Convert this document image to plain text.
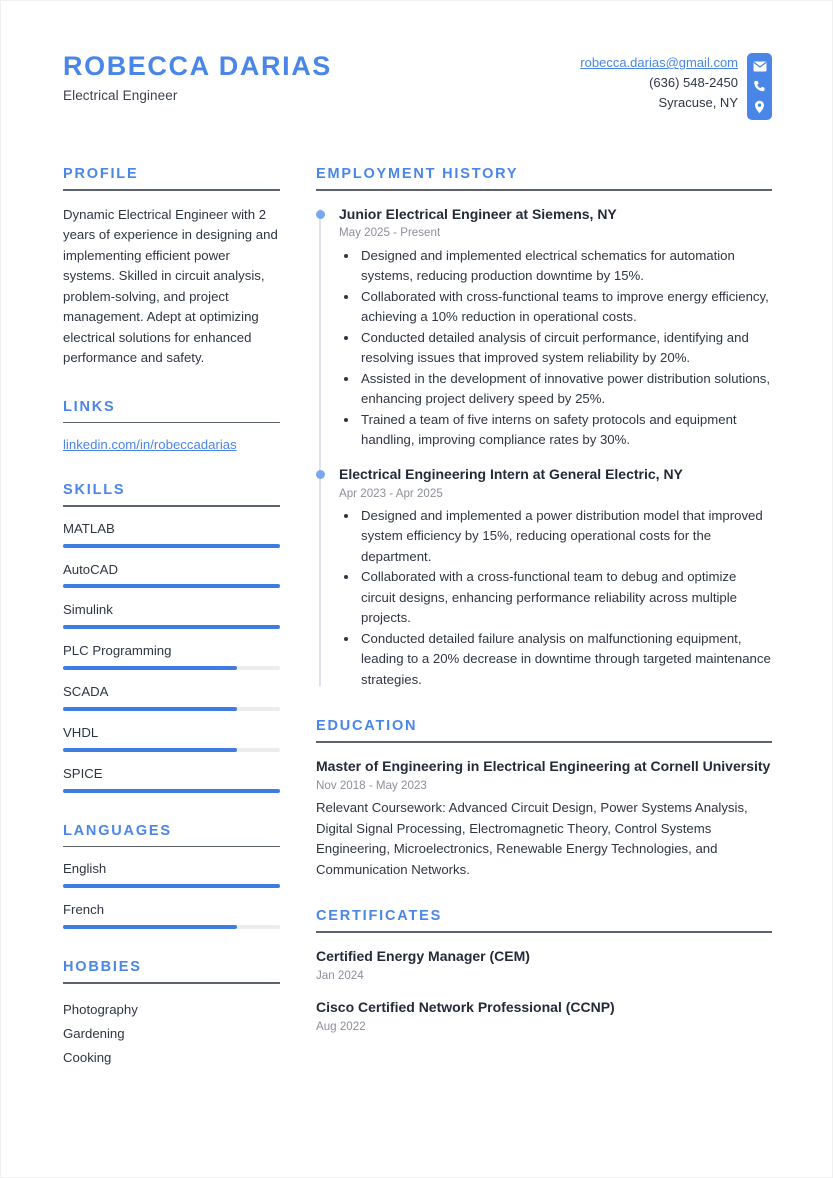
ROBECCA DARIAS

Electrical Engineer

robecca.darias@gmail.com
(636) 548-2450
Syracuse, NY
PROFILE

Dynamic Electrical Engineer with 2 years of experience in designing and implementing efficient power systems. Skilled in circuit analysis, problem-solving, and project management. Adept at optimizing electrical solutions for enhanced performance and safety.

LINKS
linkedin.com/in/robeccadarias
SKILLS
MATLAB
AutoCAD
Simulink
PLC Programming
SCADA
VHDL
SPICE
LANGUAGES
English
French
HOBBIES
Photography
Gardening
Cooking
EMPLOYMENT HISTORY

Junior Electrical Engineer at Siemens, NY

May 2025 - Present

• Designed and implemented electrical schematics for automation systems, reducing production downtime by 15%.
• Collaborated with cross-functional teams to improve energy efficiency, achieving a 10% reduction in operational costs.
• Conducted detailed analysis of circuit performance, identifying and resolving issues that improved system reliability by 20%.
• Assisted in the development of innovative power distribution solutions, enhancing project delivery speed by 25%.
• Trained a team of five interns on safety protocols and equipment handling, improving compliance rates by 30%.

Electrical Engineering Intern at General Electric, NY

Apr 2023 - Apr 2025

• Designed and implemented a power distribution model that improved system efficiency by 15%, reducing operational costs for the department.
• Collaborated with a cross-functional team to debug and optimize circuit designs, enhancing performance reliability across multiple projects.
• Conducted detailed failure analysis on malfunctioning equipment, leading to a 20% decrease in downtime through targeted maintenance strategies.
EDUCATION

Master of Engineering in Electrical Engineering at Cornell University

Nov 2018 - May 2023

Relevant Coursework: Advanced Circuit Design, Power Systems Analysis, Digital Signal Processing, Electromagnetic Theory, Control Systems Engineering, Microelectronics, Renewable Energy Technologies, and Communication Networks.

CERTIFICATES

Certified Energy Manager (CEM)

Jan 2024

Cisco Certified Network Professional (CCNP)

Aug 2022
